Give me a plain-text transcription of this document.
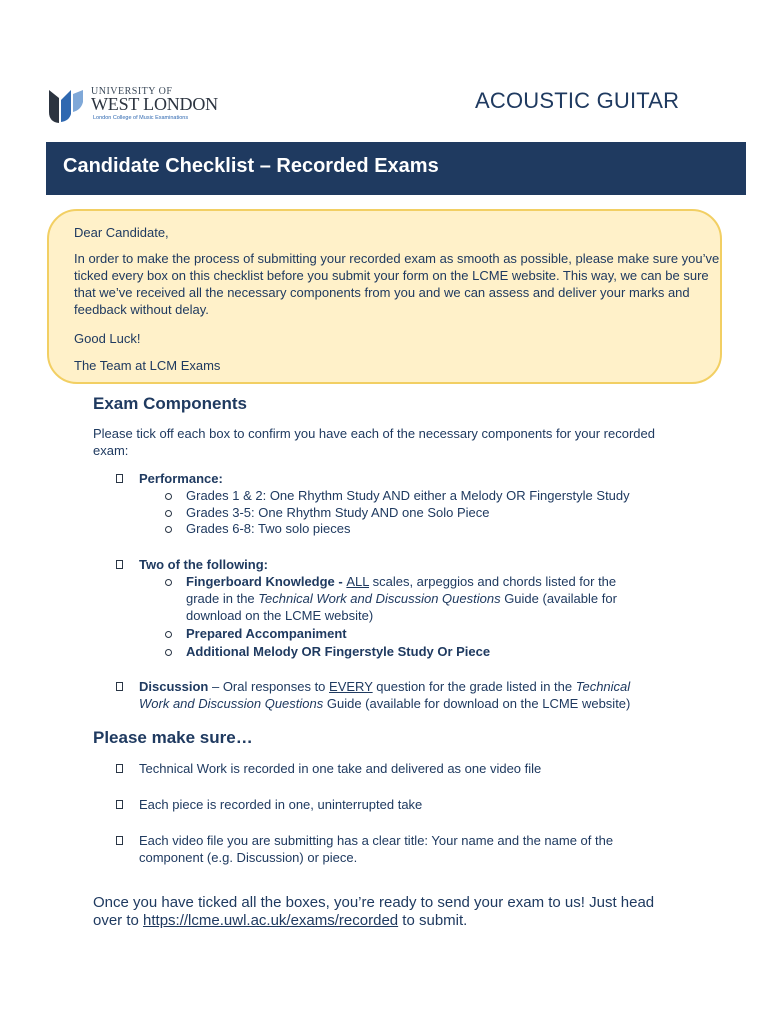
UNIVERSITY OF
WEST LONDON
London College of Music Examinations
ACOUSTIC GUITAR
Candidate Checklist – Recorded Exams

Dear Candidate,

In order to make the process of submitting your recorded exam as smooth as possible, please make sure you’ve ticked every box on this checklist before you submit your form on the LCME website. This way, we can be sure that we’ve received all the necessary components from you and we can assess and deliver your marks and feedback without delay.

Good Luck!

The Team at LCM Exams

Exam Components
Please tick off each box to confirm you have each of the necessary components for your recorded exam:
Performance:
Grades 1 & 2: One Rhythm Study AND either a Melody OR Fingerstyle Study
Grades 3-5: One Rhythm Study AND one Solo Piece
Grades 6-8: Two solo pieces
Two of the following:
Fingerboard Knowledge - ALL scales, arpeggios and chords listed for the
grade in the Technical Work and Discussion Questions Guide (available for
download on the LCME website)
Prepared Accompaniment
Additional Melody OR Fingerstyle Study Or Piece
Discussion – Oral responses to EVERY question for the grade listed in the Technical
Work and Discussion Questions Guide (available for download on the LCME website)
Please make sure…
Technical Work is recorded in one take and delivered as one video file
Each piece is recorded in one, uninterrupted take
Each video file you are submitting has a clear title: Your name and the name of the
component (e.g. Discussion) or piece.
Once you have ticked all the boxes, you’re ready to send your exam to us! Just head
over to https://lcme.uwl.ac.uk/exams/recorded to submit.
